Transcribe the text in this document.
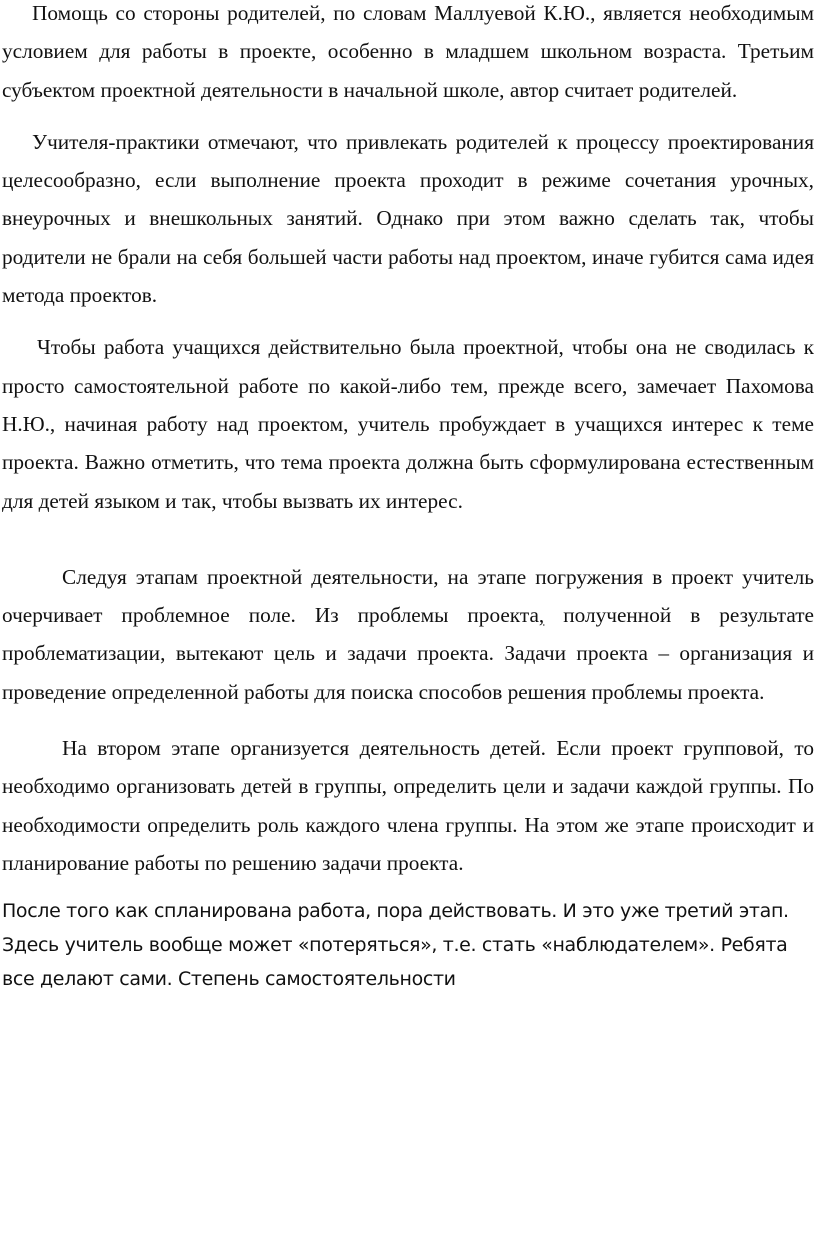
Помощь со стороны родителей, по словам Маллуевой К.Ю., является необходимым условием для работы в проекте, особенно в младшем школьном возраста. Третьим субъектом проектной деятельности в начальной школе, автор считает родителей.

Учителя-практики отмечают, что привлекать родителей к процессу проектирования целесообразно, если выполнение проекта проходит в режиме сочетания урочных, внеурочных и внешкольных занятий. Однако при этом важно сделать так, чтобы родители не брали на себя большей части работы над проектом, иначе губится сама идея метода проектов.

Чтобы работа учащихся действительно была проектной, чтобы она не сводилась к просто самостоятельной работе по какой-либо тем, прежде всего, замечает Пахомова Н.Ю., начиная работу над проектом, учитель пробуждает в учащихся интерес к теме проекта. Важно отметить, что тема проекта должна быть сформулирована естественным для детей языком и так, чтобы вызвать их интерес.

Следуя этапам проектной деятельности, на этапе погружения в проект учитель очерчивает проблемное поле. Из проблемы проекта, полученной в результате проблематизации, вытекают цель и задачи проекта. Задачи проекта – организация и проведение определенной работы для поиска способов решения проблемы проекта.

На втором этапе организуется деятельность детей. Если проект групповой, то необходимо организовать детей в группы, определить цели и задачи каждой группы. По необходимости определить роль каждого члена группы. На этом же этапе происходит и планирование работы по решению задачи проекта.

После того как спланирована работа, пора действовать. И это уже третий этап. Здесь учитель вообще может «потеряться», т.е. стать «наблюдателем». Ребята все делают сами. Степень самостоятельности
